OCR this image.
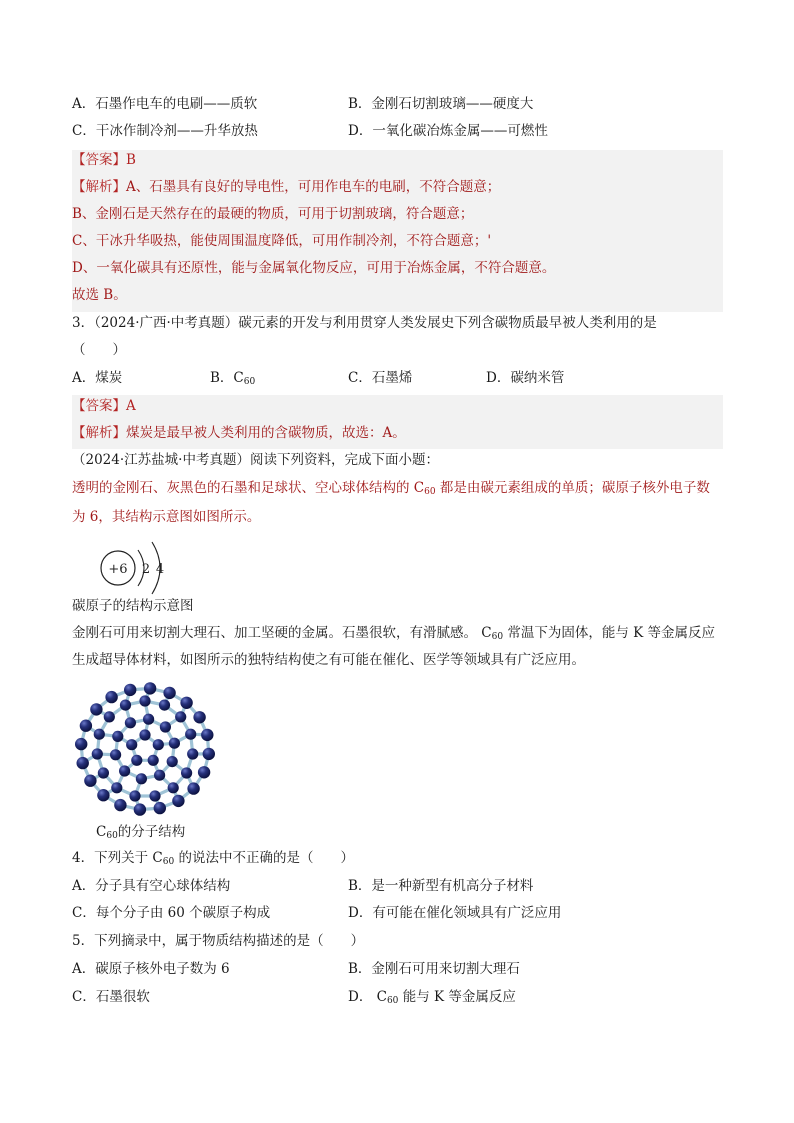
A．石墨作电车的电刷——质软	B．金刚石切割玻璃——硬度大
C．干冰作制冷剂——升华放热	D．一氧化碳冶炼金属——可燃性
【答案】B
【解析】A、石墨具有良好的导电性，可用作电车的电刷，不符合题意；
B、金刚石是天然存在的最硬的物质，可用于切割玻璃，符合题意；
C、干冰升华吸热，能使周围温度降低，可用作制冷剂，不符合题意；'
D、一氧化碳具有还原性，能与金属氧化物反应，可用于冶炼金属，不符合题意。
故选 B。
3．（2024·广西·中考真题）碳元素的开发与利用贯穿人类发展史下列含碳物质最早被人类利用的是
（　　）
A．煤炭	B．$C_{60}$	C．石墨烯	D．碳纳米管
【答案】A
【解析】煤炭是最早被人类利用的含碳物质，故选：A。
（2024·江苏盐城·中考真题）阅读下列资料，完成下面小题：
透明的金刚石、灰黑色的石墨和足球状、空心球体结构的 $C_{60}$ 都是由碳元素组成的单质；碳原子核外电子数
为 6，其结构示意图如图所示。
+6 2 4
碳原子的结构示意图
金刚石可用来切割大理石、加工坚硬的金属。石墨很软，有滑腻感。 $C_{60}$ 常温下为固体，能与 K 等金属反应
生成超导体材料，如图所示的独特结构使之有可能在催化、医学等领域具有广泛应用。
$C_{60}$的分子结构
4．下列关于 $C_{60}$ 的说法中不正确的是（　　）
A．分子具有空心球体结构	B．是一种新型有机高分子材料
C．每个分子由 60 个碳原子构成	D．有可能在催化领域具有广泛应用
5．下列摘录中，属于物质结构描述的是（　　）
A．碳原子核外电子数为 6	B．金刚石可用来切割大理石
C．石墨很软	D． $C_{60}$ 能与 K 等金属反应
